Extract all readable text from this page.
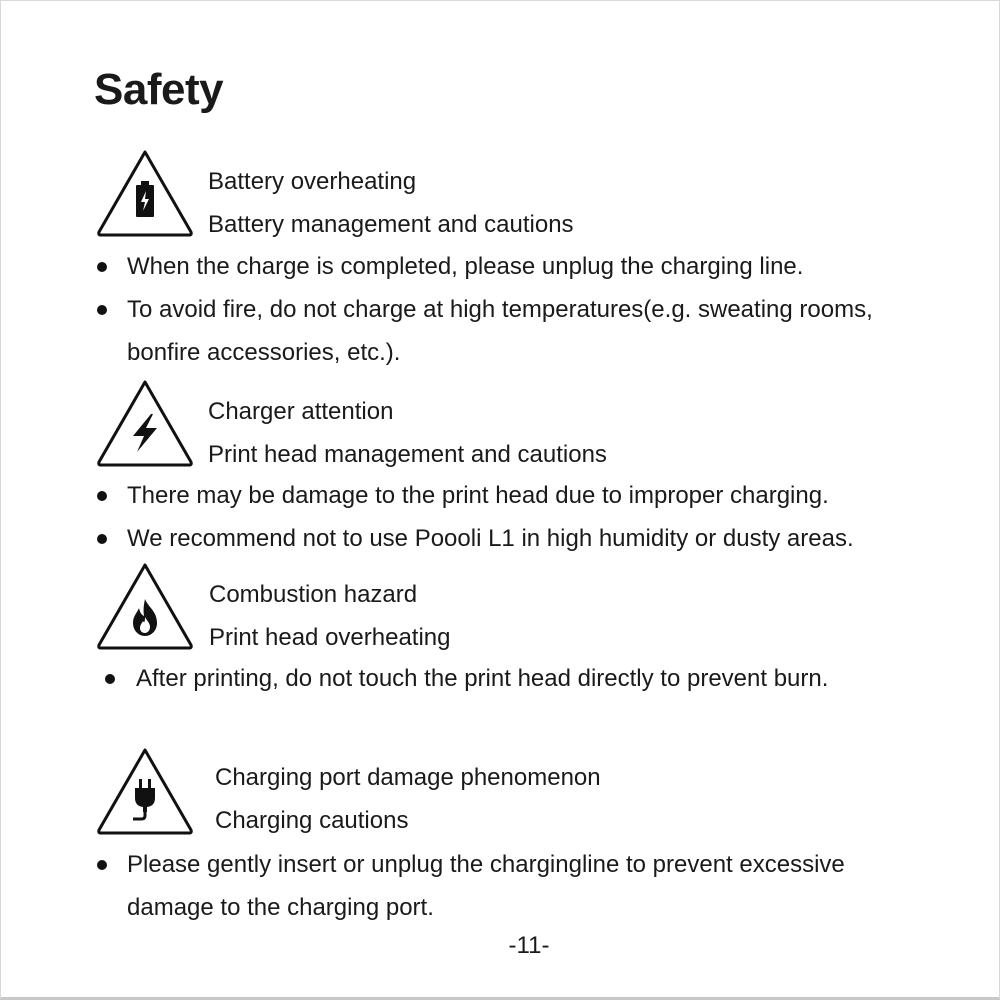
Safety
Battery overheating
Battery management and cautions
When the charge is completed, please unplug the charging line.
To avoid fire, do not charge at high temperatures(e.g. sweating rooms,
bonfire accessories, etc.).
Charger attention
Print head management and cautions
There may be damage to the print head due to improper charging.
We recommend not to use Poooli L1 in high humidity or dusty areas.
Combustion hazard
Print head overheating
After printing, do not touch the print head directly to prevent burn.
Charging port damage phenomenon
Charging cautions
Please gently insert or unplug the chargingline to prevent excessive
damage to the charging port.
-11-
